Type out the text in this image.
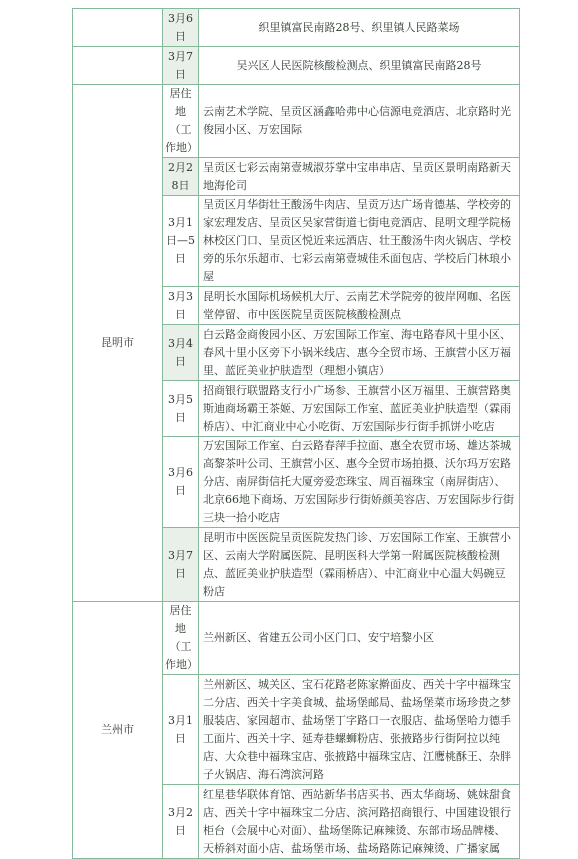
	3月6日	织里镇富民南路28号、织里镇人民路菜场
	3月7日	吴兴区人民医院核酸检测点、织里镇富民南路28号
昆明市	居住地（工作地）	云南艺术学院、呈贡区涵鑫哈弗中心信源电竞酒店、北京路时光俊园小区、万宏国际
	2月28日	呈贡区七彩云南第壹城淑芬掌中宝串串店、呈贡区景明南路新天地海伦司
	3月1日—5日	呈贡区月华街壮王酸汤牛肉店、呈贡万达广场肯德基、学校旁的家宏理发店、呈贡区吴家营街道七街电竞酒店、昆明文理学院杨林校区门口、呈贡区悦近来远酒店、壮王酸汤牛肉火锅店、学校旁的乐尔乐超市、七彩云南第壹城佳禾面包店、学校后门林琅小屋
	3月3日	昆明长水国际机场候机大厅、云南艺术学院旁的彼岸网咖、名医堂停留、市中医医院呈贡医院核酸检测点
	3月4日	白云路金商俊园小区、万宏国际工作室、海屯路春风十里小区、春风十里小区旁下小锅米线店、惠今全贸市场、王旗营小区万福里、蓝匠美业护肤造型（理想小镇店）
	3月5日	招商银行联盟路支行小广场参、王旗营小区万福里、王旗营路奥斯迪商场霸王茶姬、万宏国际工作室、蓝匠美业护肤造型（霖雨桥店）、中汇商业中心小吃街、万宏国际步行街手抓饼小吃店
	3月6日	万宏国际工作室、白云路春萍手拉面、惠全农贸市场、雄达茶城高黎茶叶公司、王旗营小区、惠今全贸市场拍摄、沃尔玛万宏路分店、南屏街信托大厦旁爱恋珠宝、周百福珠宝（南屏街店）、北京66地下商场、万宏国际步行街娇颜美容店、万宏国际步行街三块一拾小吃店
	3月7日	昆明市中医医院呈贡医院发热门诊、万宏国际工作室、王旗营小区、云南大学附属医院、昆明医科大学第一附属医院核酸检测点、蓝匠美业护肤造型（霖雨桥店）、中汇商业中心温大妈碗豆粉店
兰州市	居住地（工作地）	兰州新区、省建五公司小区门口、安宁培黎小区
	3月1日	兰州新区、城关区、宝石花路老陈家擀面皮、西关十字中福珠宝二分店、西关十字美食城、盐场堡邮局、盐场堡菜市场珍贵之梦服装店、家园超市、盐场堡丁字路口一衣服店、盐场堡哈力德手工面片、西关十字、延寿巷螺蛳粉店、张掖路步行街阿拉以纯店、大众巷中福珠宝店、张掖路中福珠宝店、江鹰桃酥王、杂胖子火锅店、海石湾滨河路
	3月2日	红星巷华联体育馆、西站新华书店买书、西太华商场、姚妹甜食店、西关十字中福珠宝二分店、滨河路招商银行、中国建设银行柜台（会展中心对面）、盐场堡陈记麻辣烫、东部市场品牌楼、天桥斜对面小店、盐场堡市场、盐场路陈记麻辣烫、广播家属
